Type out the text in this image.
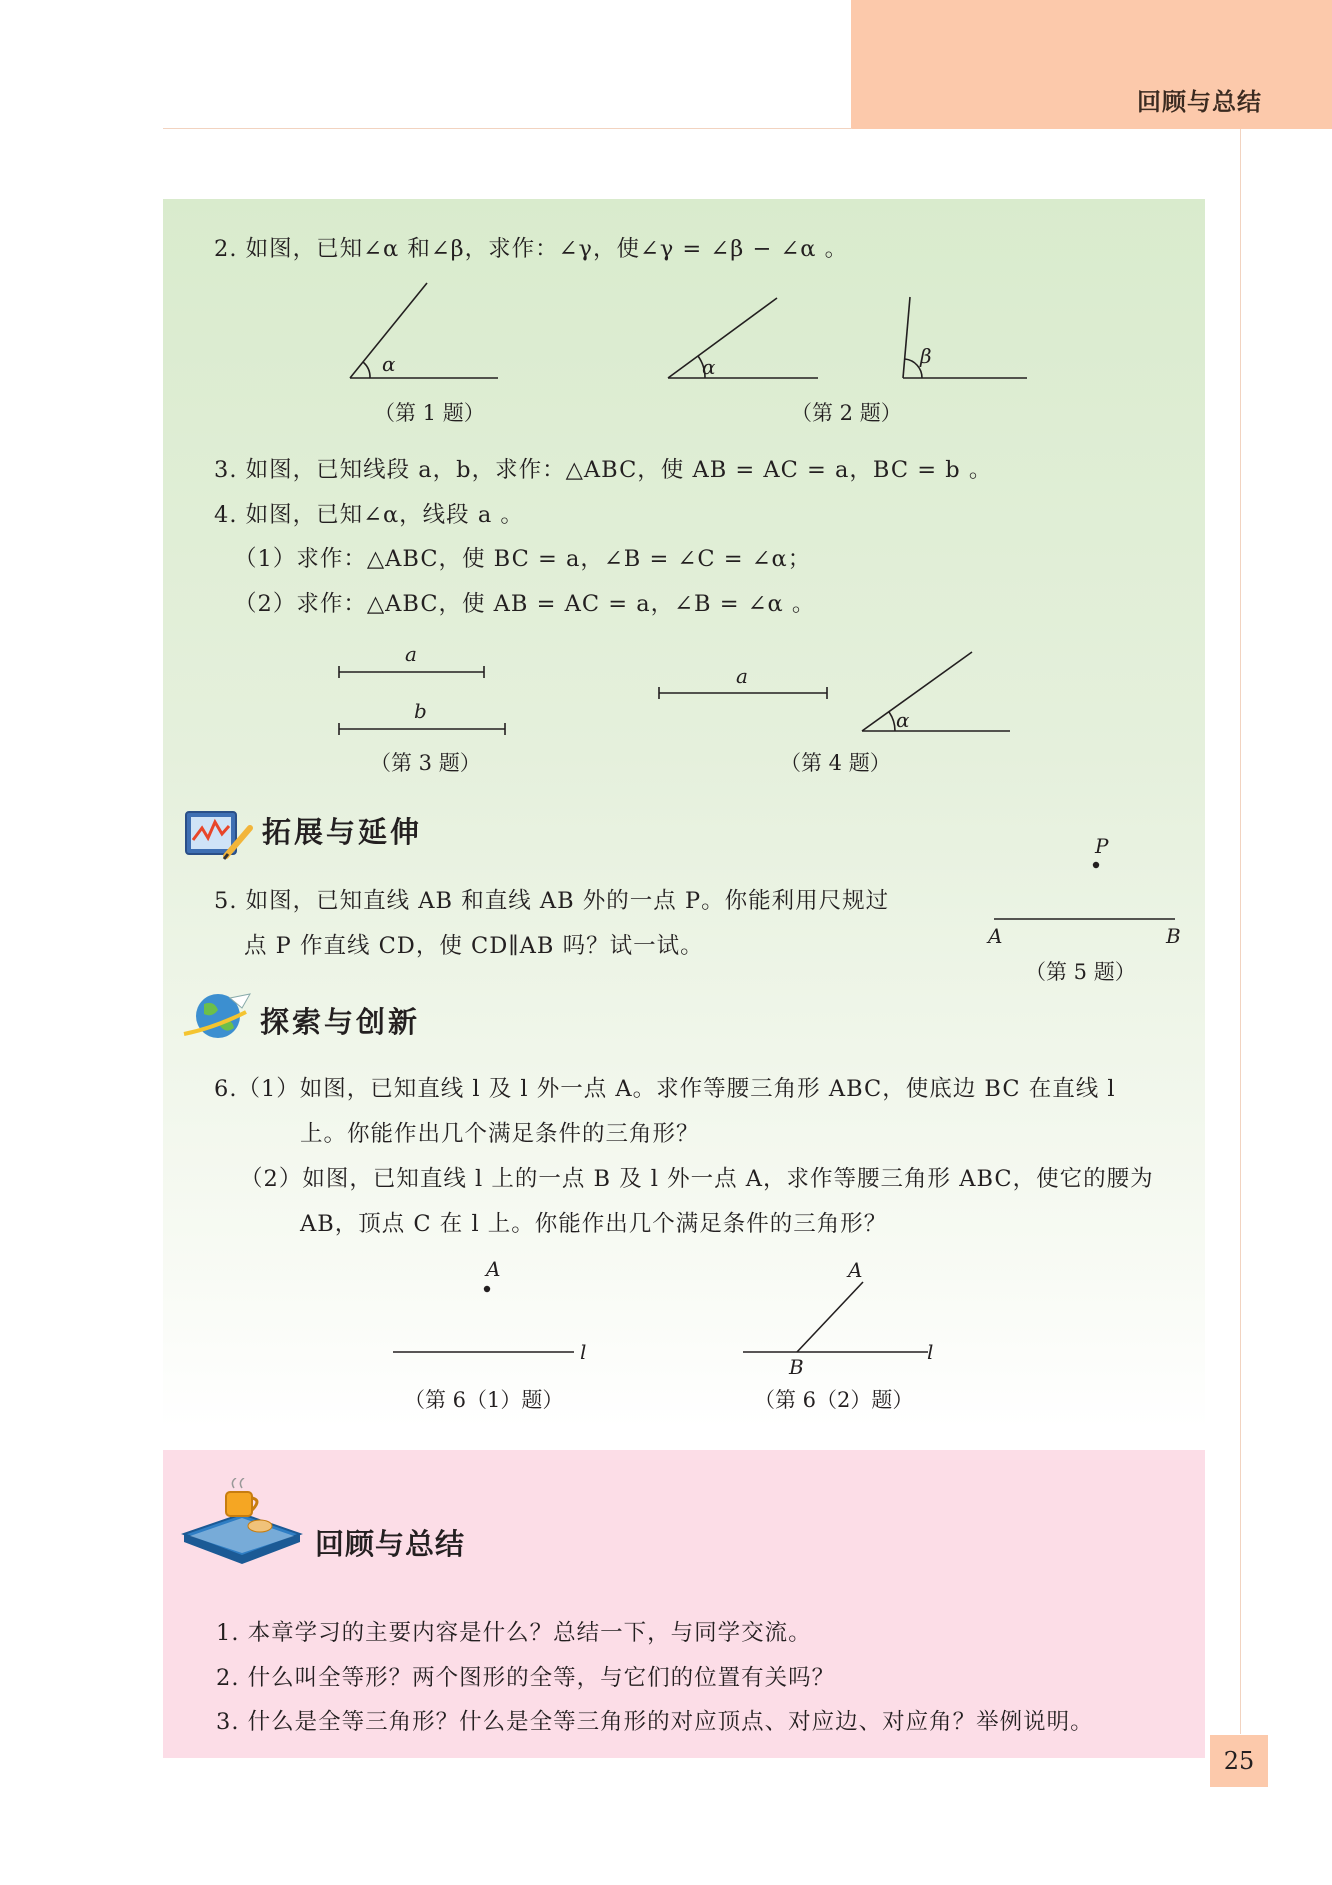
回顾与总结
2. 如图，已知∠α 和∠β，求作：∠γ，使∠γ = ∠β − ∠α 。
α	α	β
a
b
a
α
P
A	B
A
l
A
B
l
（第 1 题）	（第 2 题）
（第 3 题）	（第 4 题）
（第 5 题）
（第 6（1）题）	（第 6（2）题）
3. 如图，已知线段 a，b，求作：△ABC，使 AB = AC = a，BC = b 。
4. 如图，已知∠α，线段 a 。
（1）求作：△ABC，使 BC = a，∠B = ∠C = ∠α；
（2）求作：△ABC，使 AB = AC = a，∠B = ∠α 。
拓展与延伸
5. 如图，已知直线 AB 和直线 AB 外的一点 P。你能利用尺规过
点 P 作直线 CD，使 CD∥AB 吗？试一试。
探索与创新
6.（1）如图，已知直线 l 及 l 外一点 A。求作等腰三角形 ABC，使底边 BC 在直线 l
上。你能作出几个满足条件的三角形？
（2）如图，已知直线 l 上的一点 B 及 l 外一点 A，求作等腰三角形 ABC，使它的腰为
AB，顶点 C 在 l 上。你能作出几个满足条件的三角形？
回顾与总结
1. 本章学习的主要内容是什么？总结一下，与同学交流。
2. 什么叫全等形？两个图形的全等，与它们的位置有关吗？
3. 什么是全等三角形？什么是全等三角形的对应顶点、对应边、对应角？举例说明。
25
